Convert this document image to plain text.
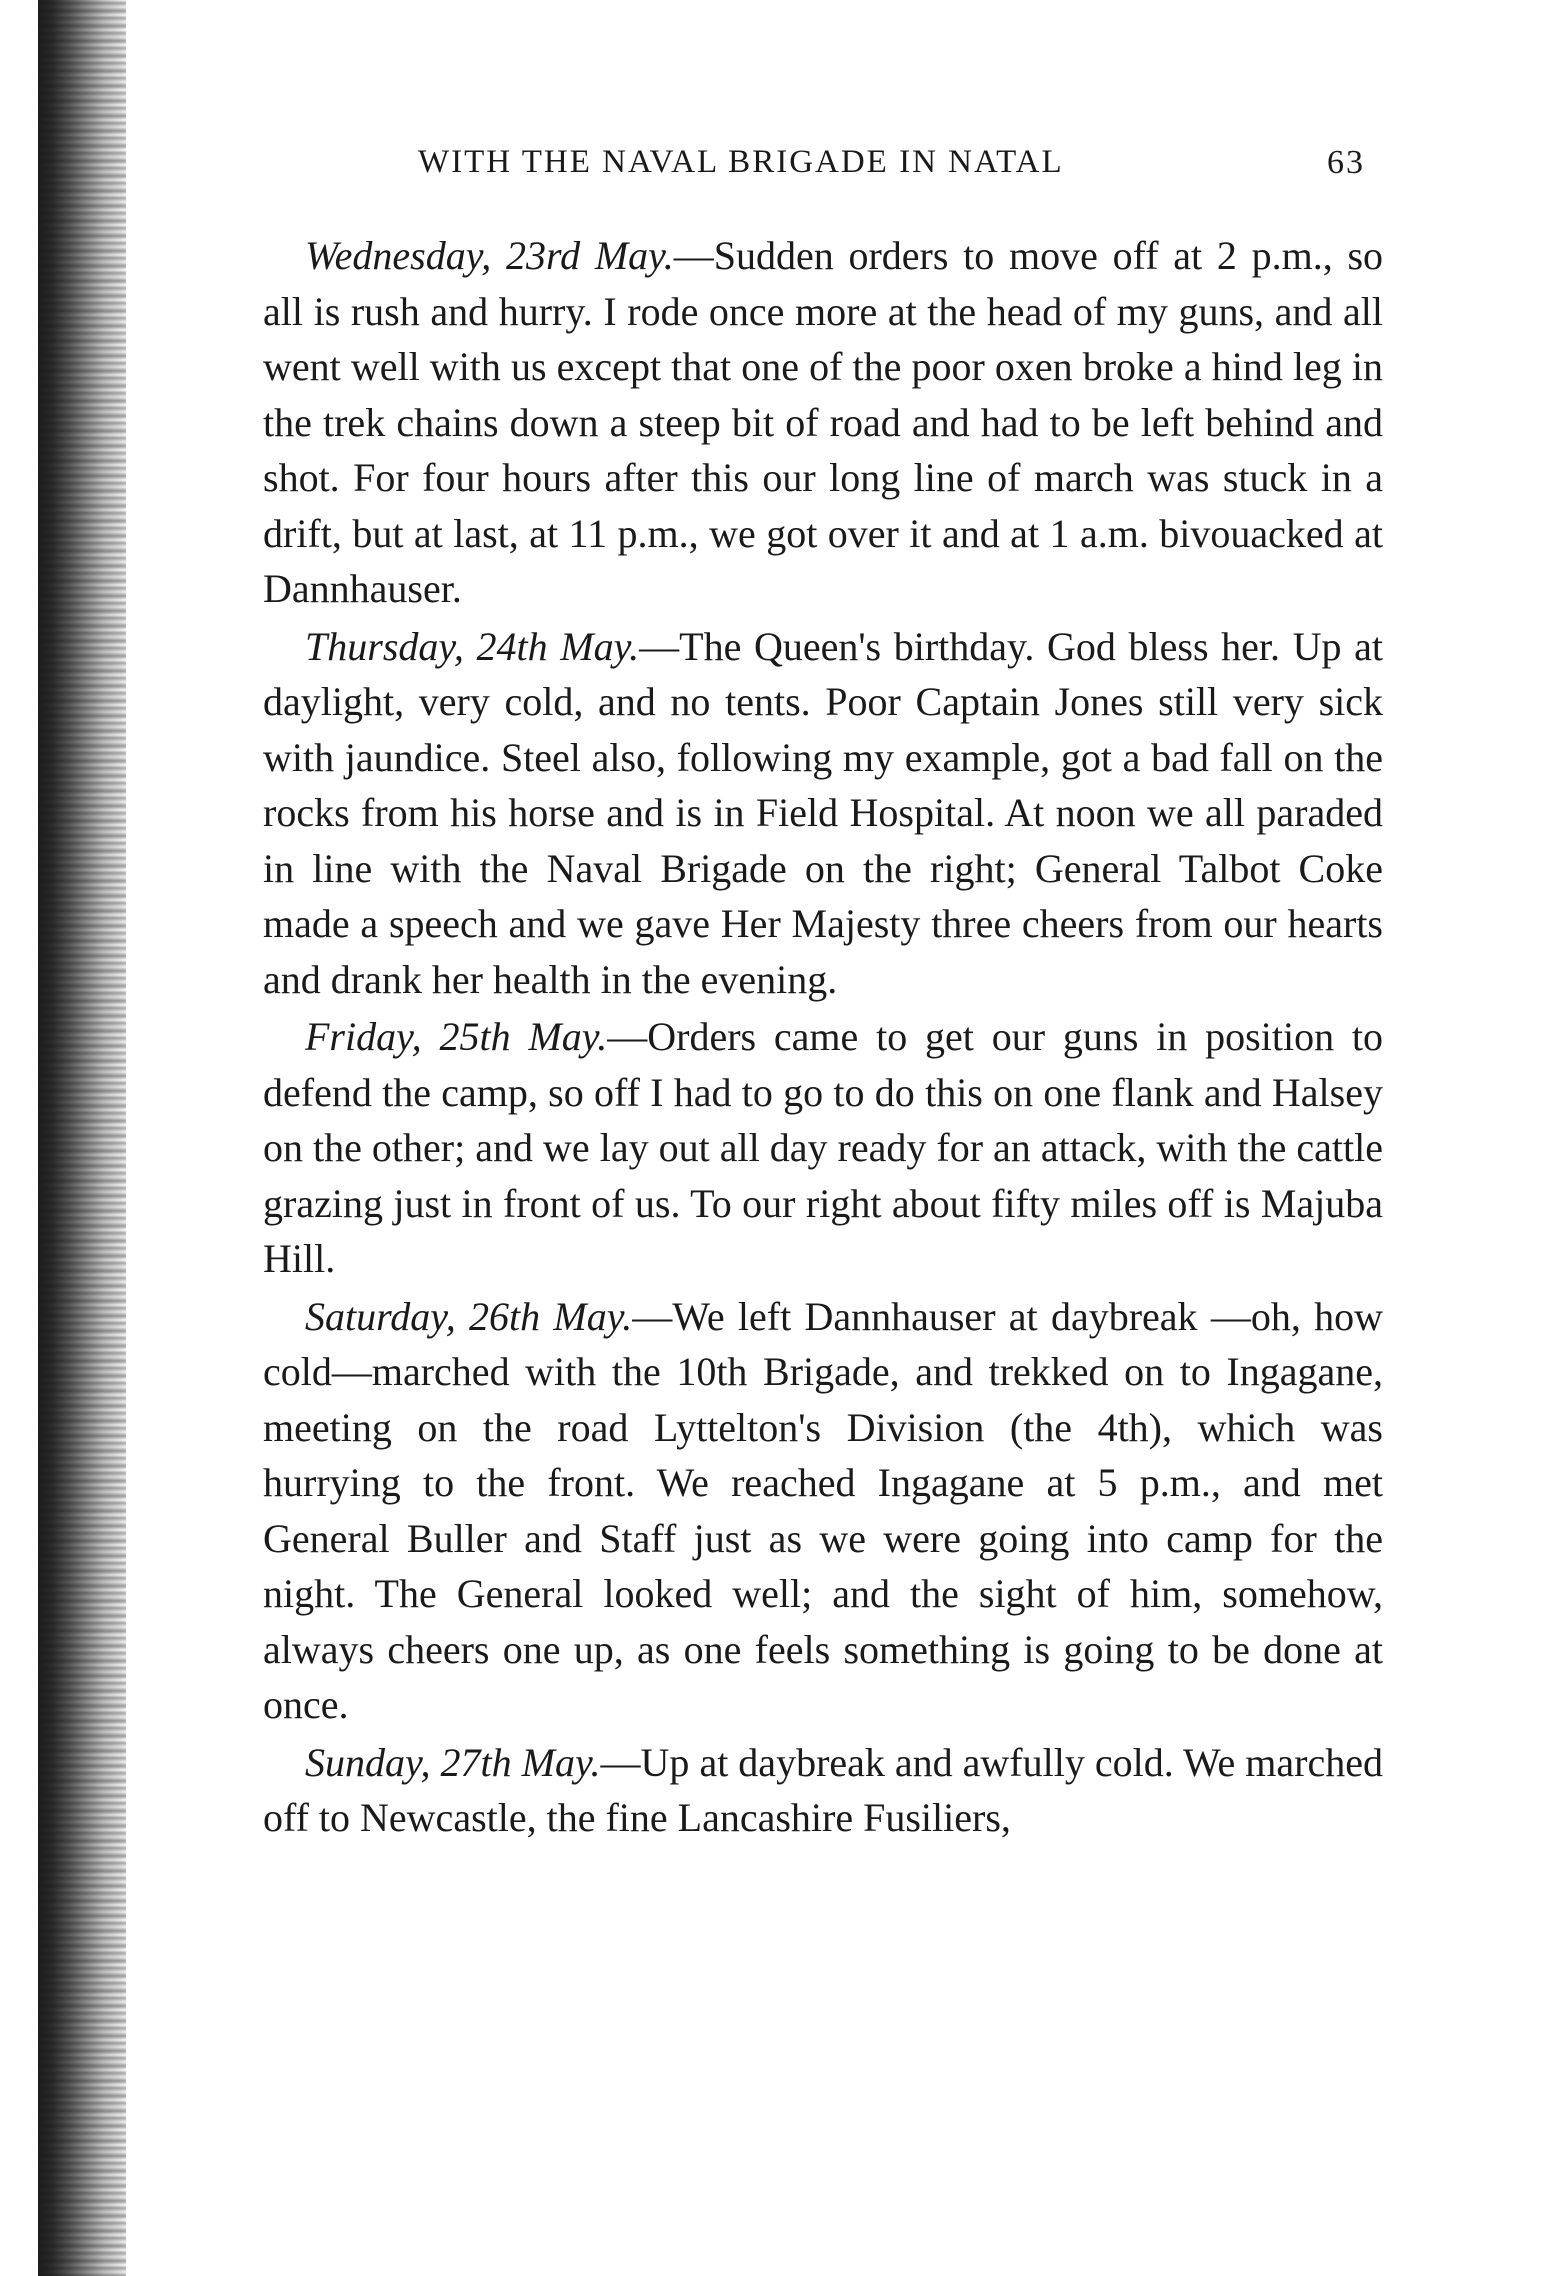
WITH THE NAVAL BRIGADE IN NATAL	63

Wednesday, 23rd May.—Sudden orders to move off at 2 p.m., so all is rush and hurry. I rode once more at the head of my guns, and all went well with us except that one of the poor oxen broke a hind leg in the trek chains down a steep bit of road and had to be left behind and shot. For four hours after this our long line of march was stuck in a drift, but at last, at 11 p.m., we got over it and at 1 a.m. bivouacked at Dannhauser.

Thursday, 24th May.—The Queen's birthday. God bless her. Up at daylight, very cold, and no tents. Poor Captain Jones still very sick with jaundice. Steel also, following my example, got a bad fall on the rocks from his horse and is in Field Hospital. At noon we all paraded in line with the Naval Brigade on the right; General Talbot Coke made a speech and we gave Her Majesty three cheers from our hearts and drank her health in the evening.

Friday, 25th May.—Orders came to get our guns in position to defend the camp, so off I had to go to do this on one flank and Halsey on the other; and we lay out all day ready for an attack, with the cattle grazing just in front of us. To our right about fifty miles off is Majuba Hill.

Saturday, 26th May.—We left Dannhauser at daybreak —oh, how cold—marched with the 10th Brigade, and trekked on to Ingagane, meeting on the road Lyttelton's Division (the 4th), which was hurrying to the front. We reached Ingagane at 5 p.m., and met General Buller and Staff just as we were going into camp for the night. The General looked well; and the sight of him, somehow, always cheers one up, as one feels something is going to be done at once.

Sunday, 27th May.—Up at daybreak and awfully cold. We marched off to Newcastle, the fine Lancashire Fusiliers,
